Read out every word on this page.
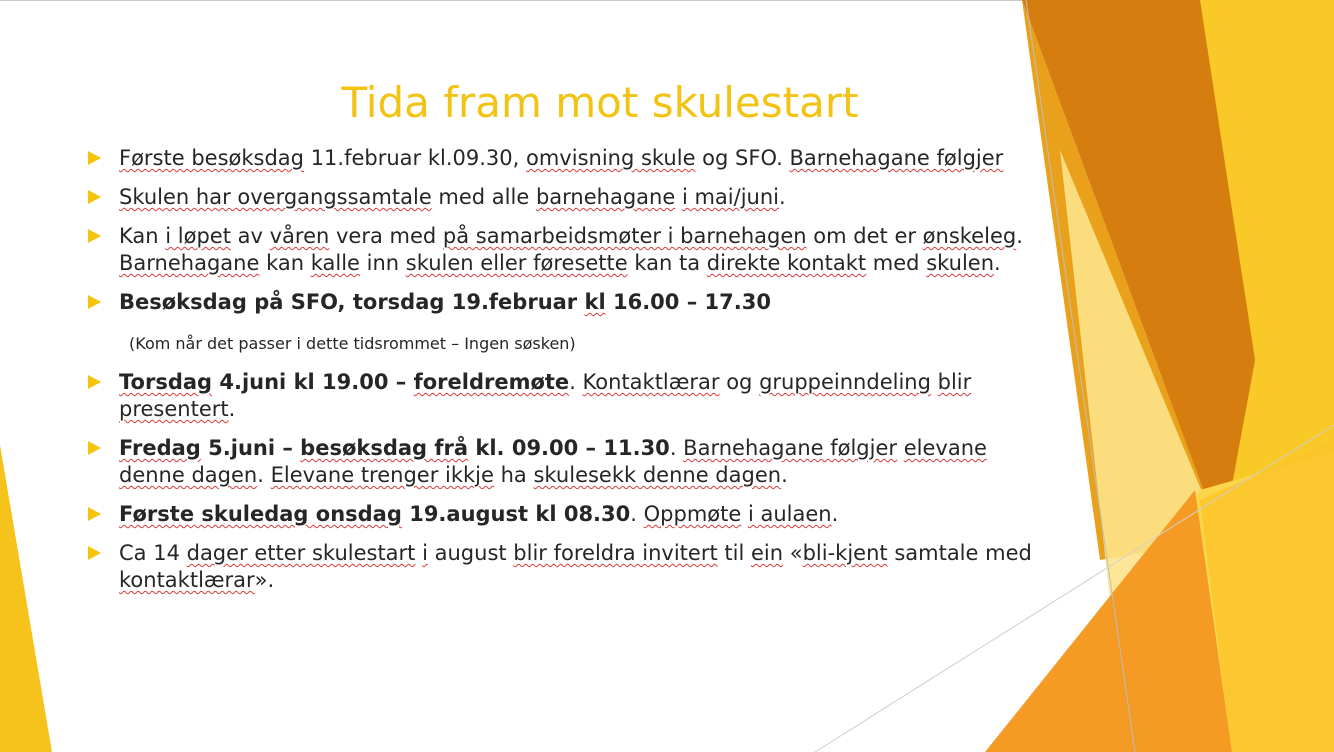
Tida fram mot skulestart
Første besøksdag 11.februar kl.09.30, omvisning skule og SFO. Barnehagane følgjer
Skulen har overgangssamtale med alle barnehagane i mai/juni.
Kan i løpet av våren vera med på samarbeidsmøter i barnehagen om det er ønskeleg. Barnehagane kan kalle inn skulen eller føresette kan ta direkte kontakt med skulen.
Besøksdag på SFO, torsdag 19.februar kl 16.00 – 17.30
(Kom når det passer i dette tidsrommet – Ingen søsken)
Torsdag 4.juni kl 19.00 – foreldremøte. Kontaktlærar og gruppeinndeling blir presentert.
Fredag 5.juni – besøksdag frå kl. 09.00 – 11.30. Barnehagane følgjer elevane denne dagen. Elevane trenger ikkje ha skulesekk denne dagen.
Første skuledag onsdag 19.august kl 08.30. Oppmøte i aulaen.
Ca 14 dager etter skulestart i august blir foreldra invitert til ein «bli-kjent samtale med kontaktlærar».
